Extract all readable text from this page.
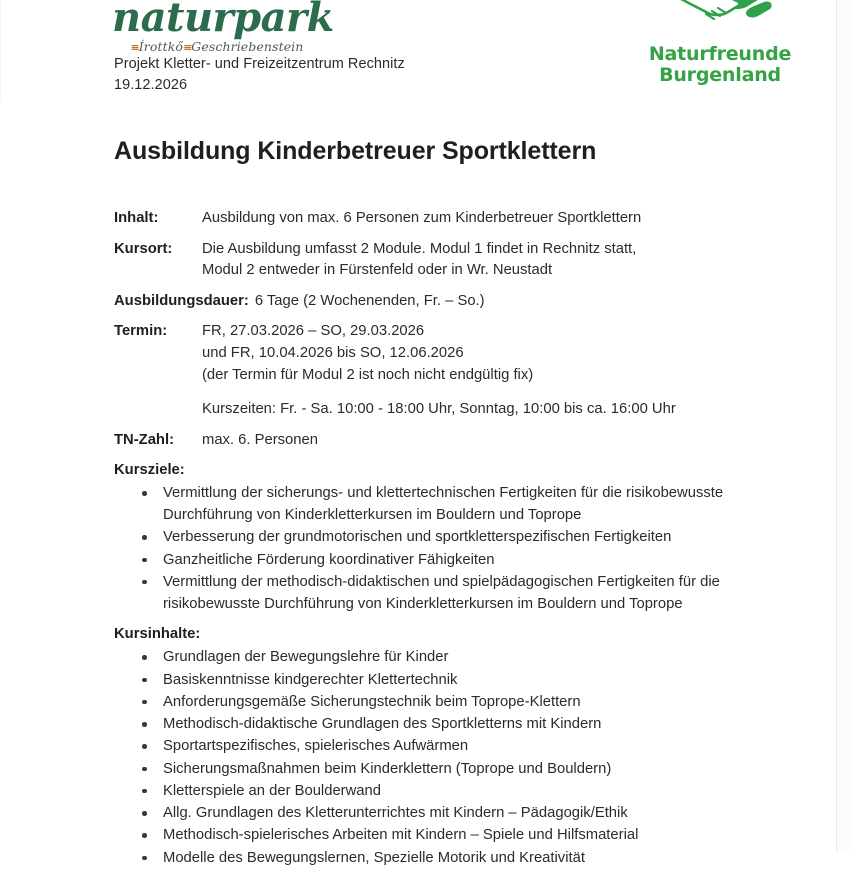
naturpark
≡Írottkő≡Geschriebenstein	Naturfreunde
Burgenland
Projekt Kletter- und Freizeitzentrum Rechnitz
19.12.2026
Ausbildung Kinderbetreuer Sportklettern
Inhalt:	Ausbildung von max. 6 Personen zum Kinderbetreuer Sportklettern
Kursort:	Die Ausbildung umfasst 2 Module. Modul 1 findet in Rechnitz statt,
Modul 2 entweder in Fürstenfeld oder in Wr. Neustadt
Ausbildungsdauer: 6 Tage (2 Wochenenden, Fr. – So.)
Termin:	FR, 27.03.2026 – SO, 29.03.2026
und FR, 10.04.2026 bis SO, 12.06.2026
(der Termin für Modul 2 ist noch nicht endgültig fix)
Kurszeiten: Fr. - Sa. 10:00 - 18:00 Uhr, Sonntag, 10:00 bis ca. 16:00 Uhr
TN-Zahl:	max. 6. Personen
Kursziele:
Vermittlung der sicherungs- und klettertechnischen Fertigkeiten für die risikobewusste Durchführung von Kinderkletterkursen im Bouldern und Toprope
Verbesserung der grundmotorischen und sportkletterspezifischen Fertigkeiten
Ganzheitliche Förderung koordinativer Fähigkeiten
Vermittlung der methodisch-didaktischen und spielpädagogischen Fertigkeiten für die risikobewusste Durchführung von Kinderkletterkursen im Bouldern und Toprope
Kursinhalte:
Grundlagen der Bewegungslehre für Kinder
Basiskenntnisse kindgerechter Klettertechnik
Anforderungsgemäße Sicherungstechnik beim Toprope-Klettern
Methodisch-didaktische Grundlagen des Sportkletterns mit Kindern
Sportartspezifisches, spielerisches Aufwärmen
Sicherungsmaßnahmen beim Kinderklettern (Toprope und Bouldern)
Kletterspiele an der Boulderwand
Allg. Grundlagen des Kletterunterrichtes mit Kindern – Pädagogik/Ethik
Methodisch-spielerisches Arbeiten mit Kindern – Spiele und Hilfsmaterial
Modelle des Bewegungslernen, Spezielle Motorik und Kreativität
